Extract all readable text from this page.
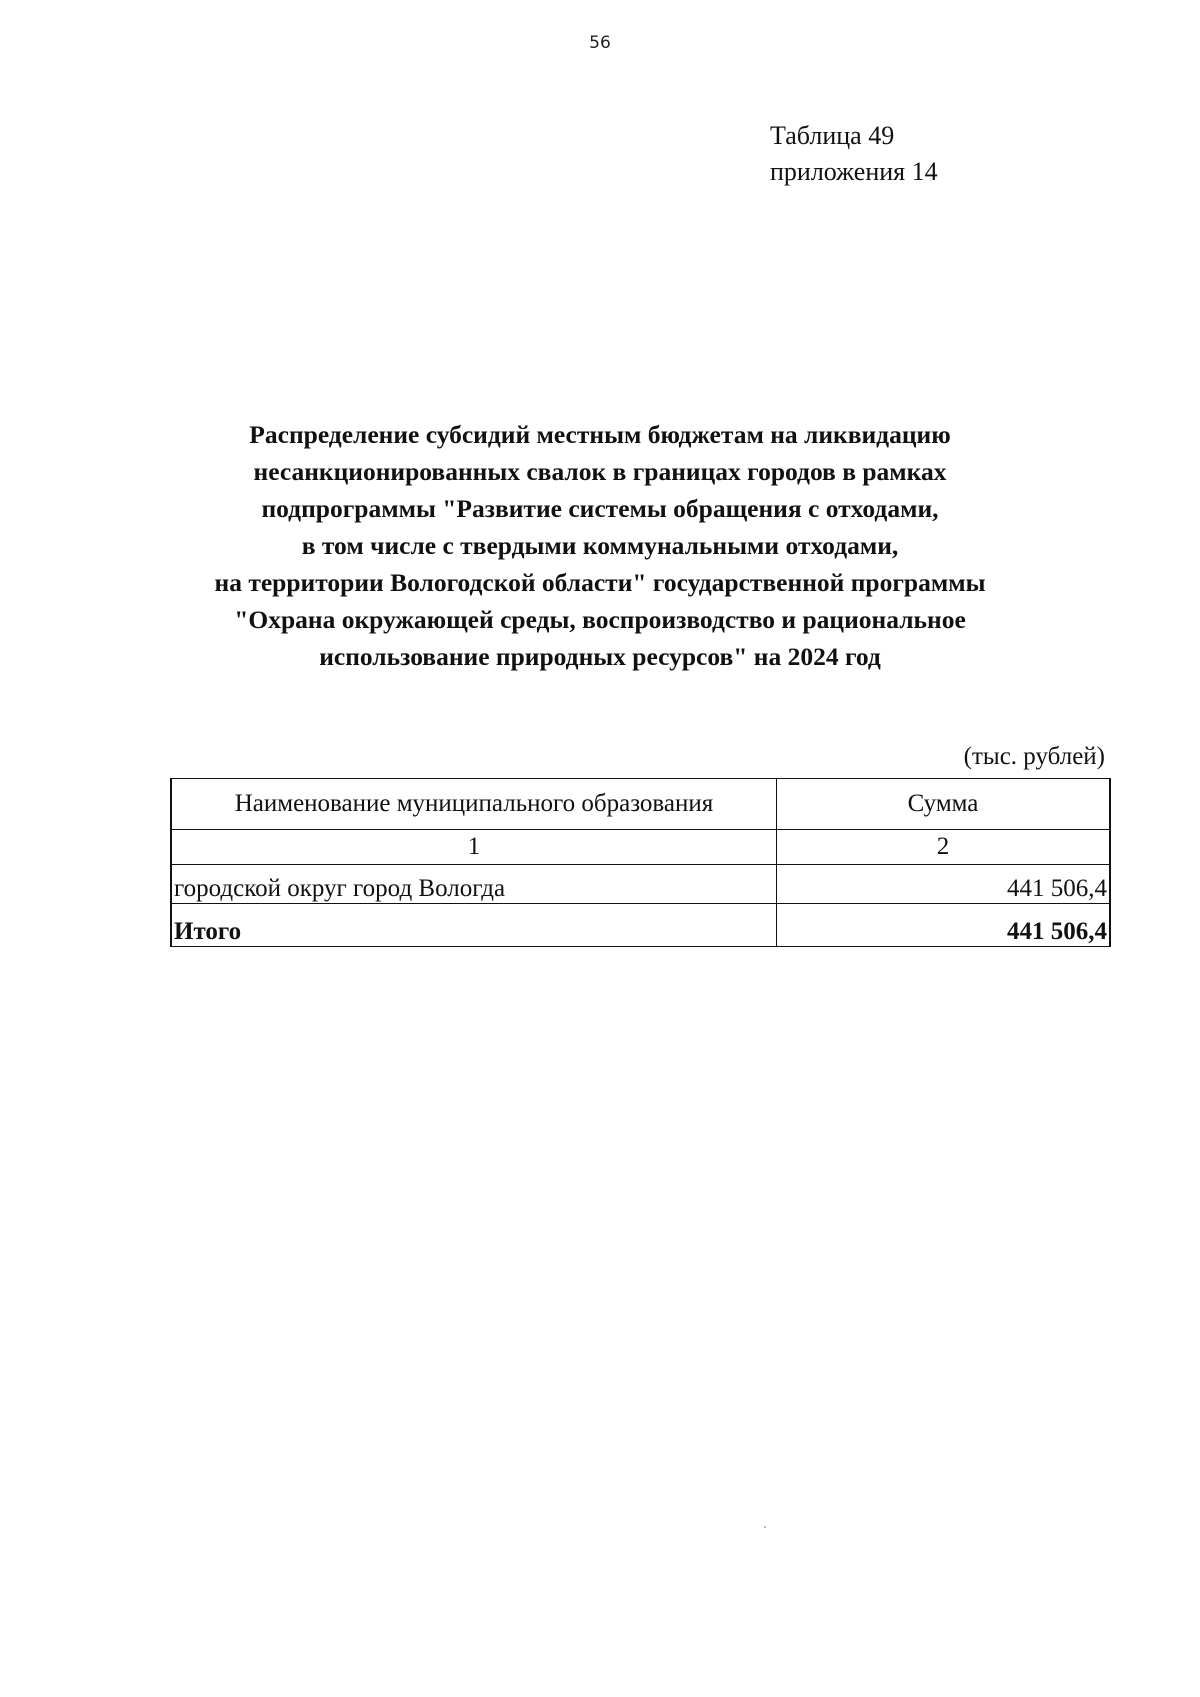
56
Таблица 49
приложения 14
Распределение субсидий местным бюджетам на ликвидацию
несанкционированных свалок в границах городов в рамках
подпрограммы "Развитие системы обращения с отходами,
в том числе с твердыми коммунальными отходами,
на территории Вологодской области" государственной программы
"Охрана окружающей среды, воспроизводство и рациональное
использование природных ресурсов" на 2024 год
(тыс. рублей)
Наименование муниципального образования	Сумма
1	2
городской округ город Вологда	441 506,4
Итого	441 506,4
